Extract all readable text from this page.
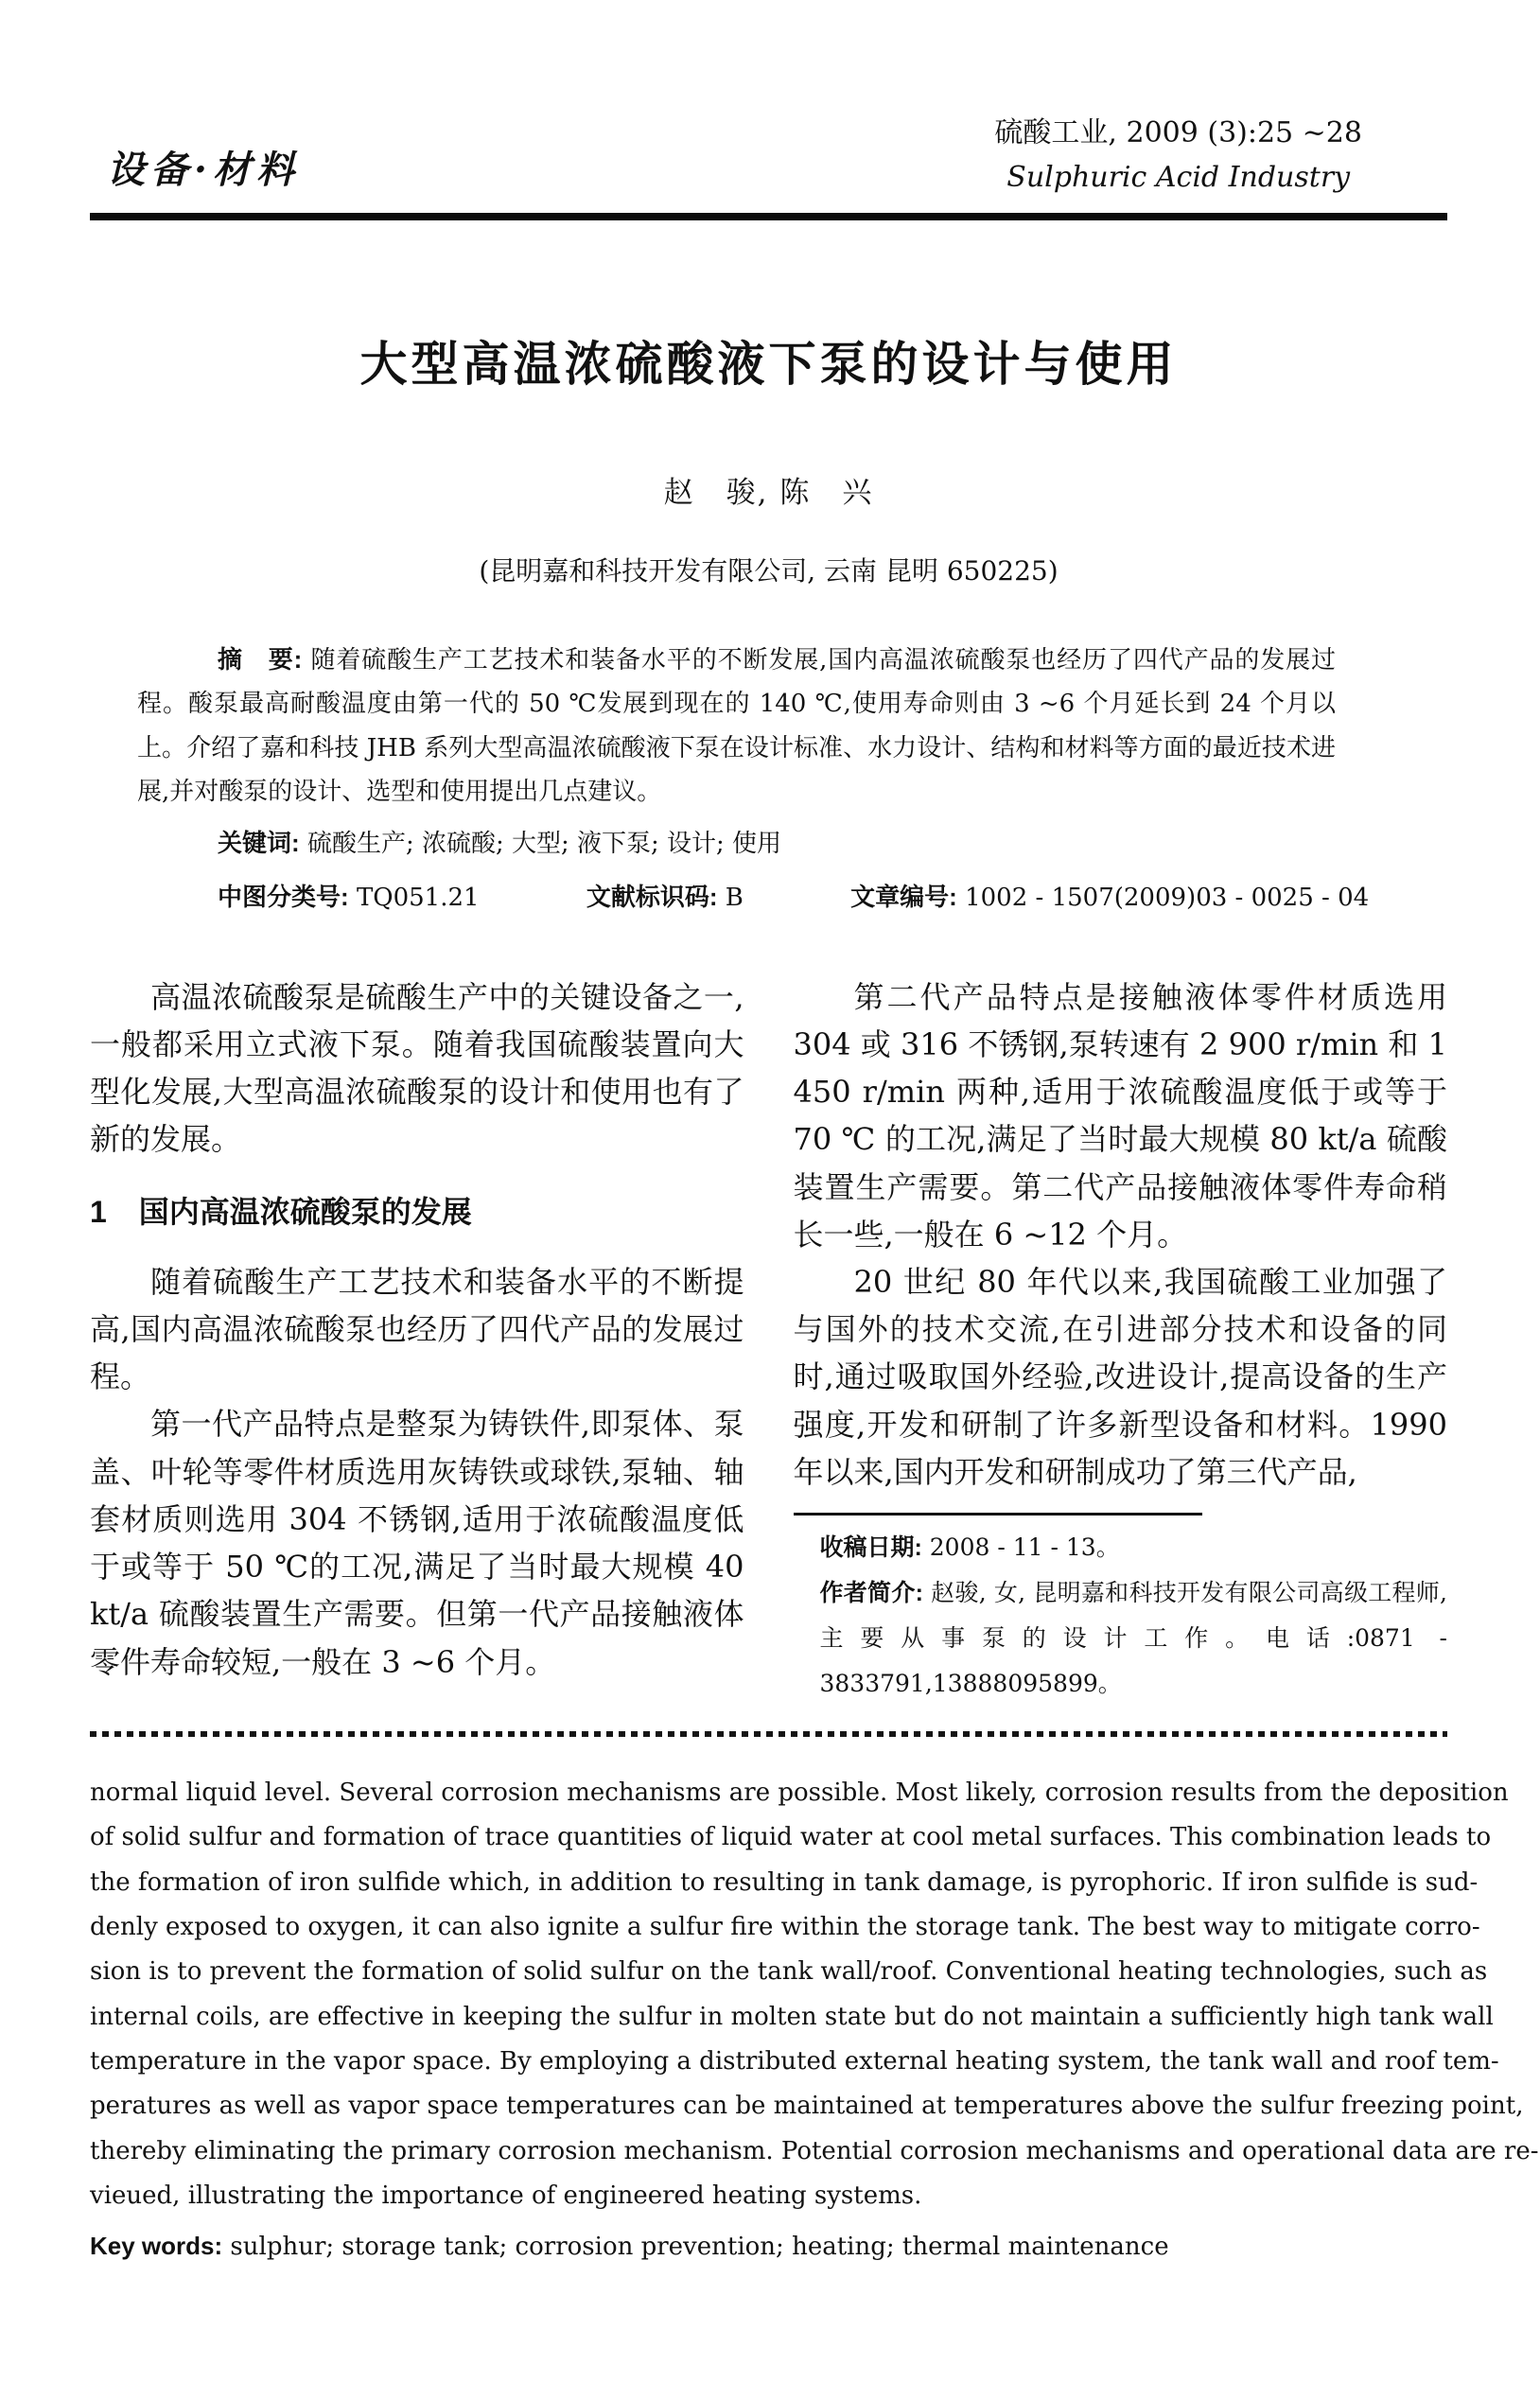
设备·材料
硫酸工业, 2009 (3):25 ~28
Sulphuric Acid Industry
大型高温浓硫酸液下泵的设计与使用
赵　骏, 陈　兴
(昆明嘉和科技开发有限公司, 云南 昆明 650225)

摘　要: 随着硫酸生产工艺技术和装备水平的不断发展,国内高温浓硫酸泵也经历了四代产品的发展过程。酸泵最高耐酸温度由第一代的 50 ℃发展到现在的 140 ℃,使用寿命则由 3 ~6 个月延长到 24 个月以上。介绍了嘉和科技 JHB 系列大型高温浓硫酸液下泵在设计标准、水力设计、结构和材料等方面的最近技术进展,并对酸泵的设计、选型和使用提出几点建议。

关键词: 硫酸生产; 浓硫酸; 大型; 液下泵; 设计; 使用
中图分类号: TQ051.21	文献标识码: B	文章编号: 1002 - 1507(2009)03 - 0025 - 04

高温浓硫酸泵是硫酸生产中的关键设备之一,一般都采用立式液下泵。随着我国硫酸装置向大型化发展,大型高温浓硫酸泵的设计和使用也有了新的发展。

1 国内高温浓硫酸泵的发展

随着硫酸生产工艺技术和装备水平的不断提高,国内高温浓硫酸泵也经历了四代产品的发展过程。

第一代产品特点是整泵为铸铁件,即泵体、泵盖、叶轮等零件材质选用灰铸铁或球铁,泵轴、轴套材质则选用 304 不锈钢,适用于浓硫酸温度低于或等于 50 ℃的工况,满足了当时最大规模 40 kt/a 硫酸装置生产需要。但第一代产品接触液体零件寿命较短,一般在 3 ~6 个月。

第二代产品特点是接触液体零件材质选用 304 或 316 不锈钢,泵转速有 2 900 r/min 和 1 450 r/min 两种,适用于浓硫酸温度低于或等于 70 ℃ 的工况,满足了当时最大规模 80 kt/a 硫酸装置生产需要。第二代产品接触液体零件寿命稍长一些,一般在 6 ~12 个月。

20 世纪 80 年代以来,我国硫酸工业加强了与国外的技术交流,在引进部分技术和设备的同时,通过吸取国外经验,改进设计,提高设备的生产强度,开发和研制了许多新型设备和材料。1990 年以来,国内开发和研制成功了第三代产品,

收稿日期: 2008 - 11 - 13。
作者简介: 赵骏, 女, 昆明嘉和科技开发有限公司高级工程师,主要从事泵的设计工作。电话:0871 - 3833791,13888095899。
normal liquid level. Several corrosion mechanisms are possible. Most likely, corrosion results from the deposition
of solid sulfur and formation of trace quantities of liquid water at cool metal surfaces. This combination leads to
the formation of iron sulfide which, in addition to resulting in tank damage, is pyrophoric. If iron sulfide is sud-
denly exposed to oxygen, it can also ignite a sulfur fire within the storage tank. The best way to mitigate corro-
sion is to prevent the formation of solid sulfur on the tank wall/roof. Conventional heating technologies, such as
internal coils, are effective in keeping the sulfur in molten state but do not maintain a sufficiently high tank wall
temperature in the vapor space. By employing a distributed external heating system, the tank wall and roof tem-
peratures as well as vapor space temperatures can be maintained at temperatures above the sulfur freezing point,
thereby eliminating the primary corrosion mechanism. Potential corrosion mechanisms and operational data are re-
vieued, illustrating the importance of engineered heating systems.
Key words: sulphur; storage tank; corrosion prevention; heating; thermal maintenance
